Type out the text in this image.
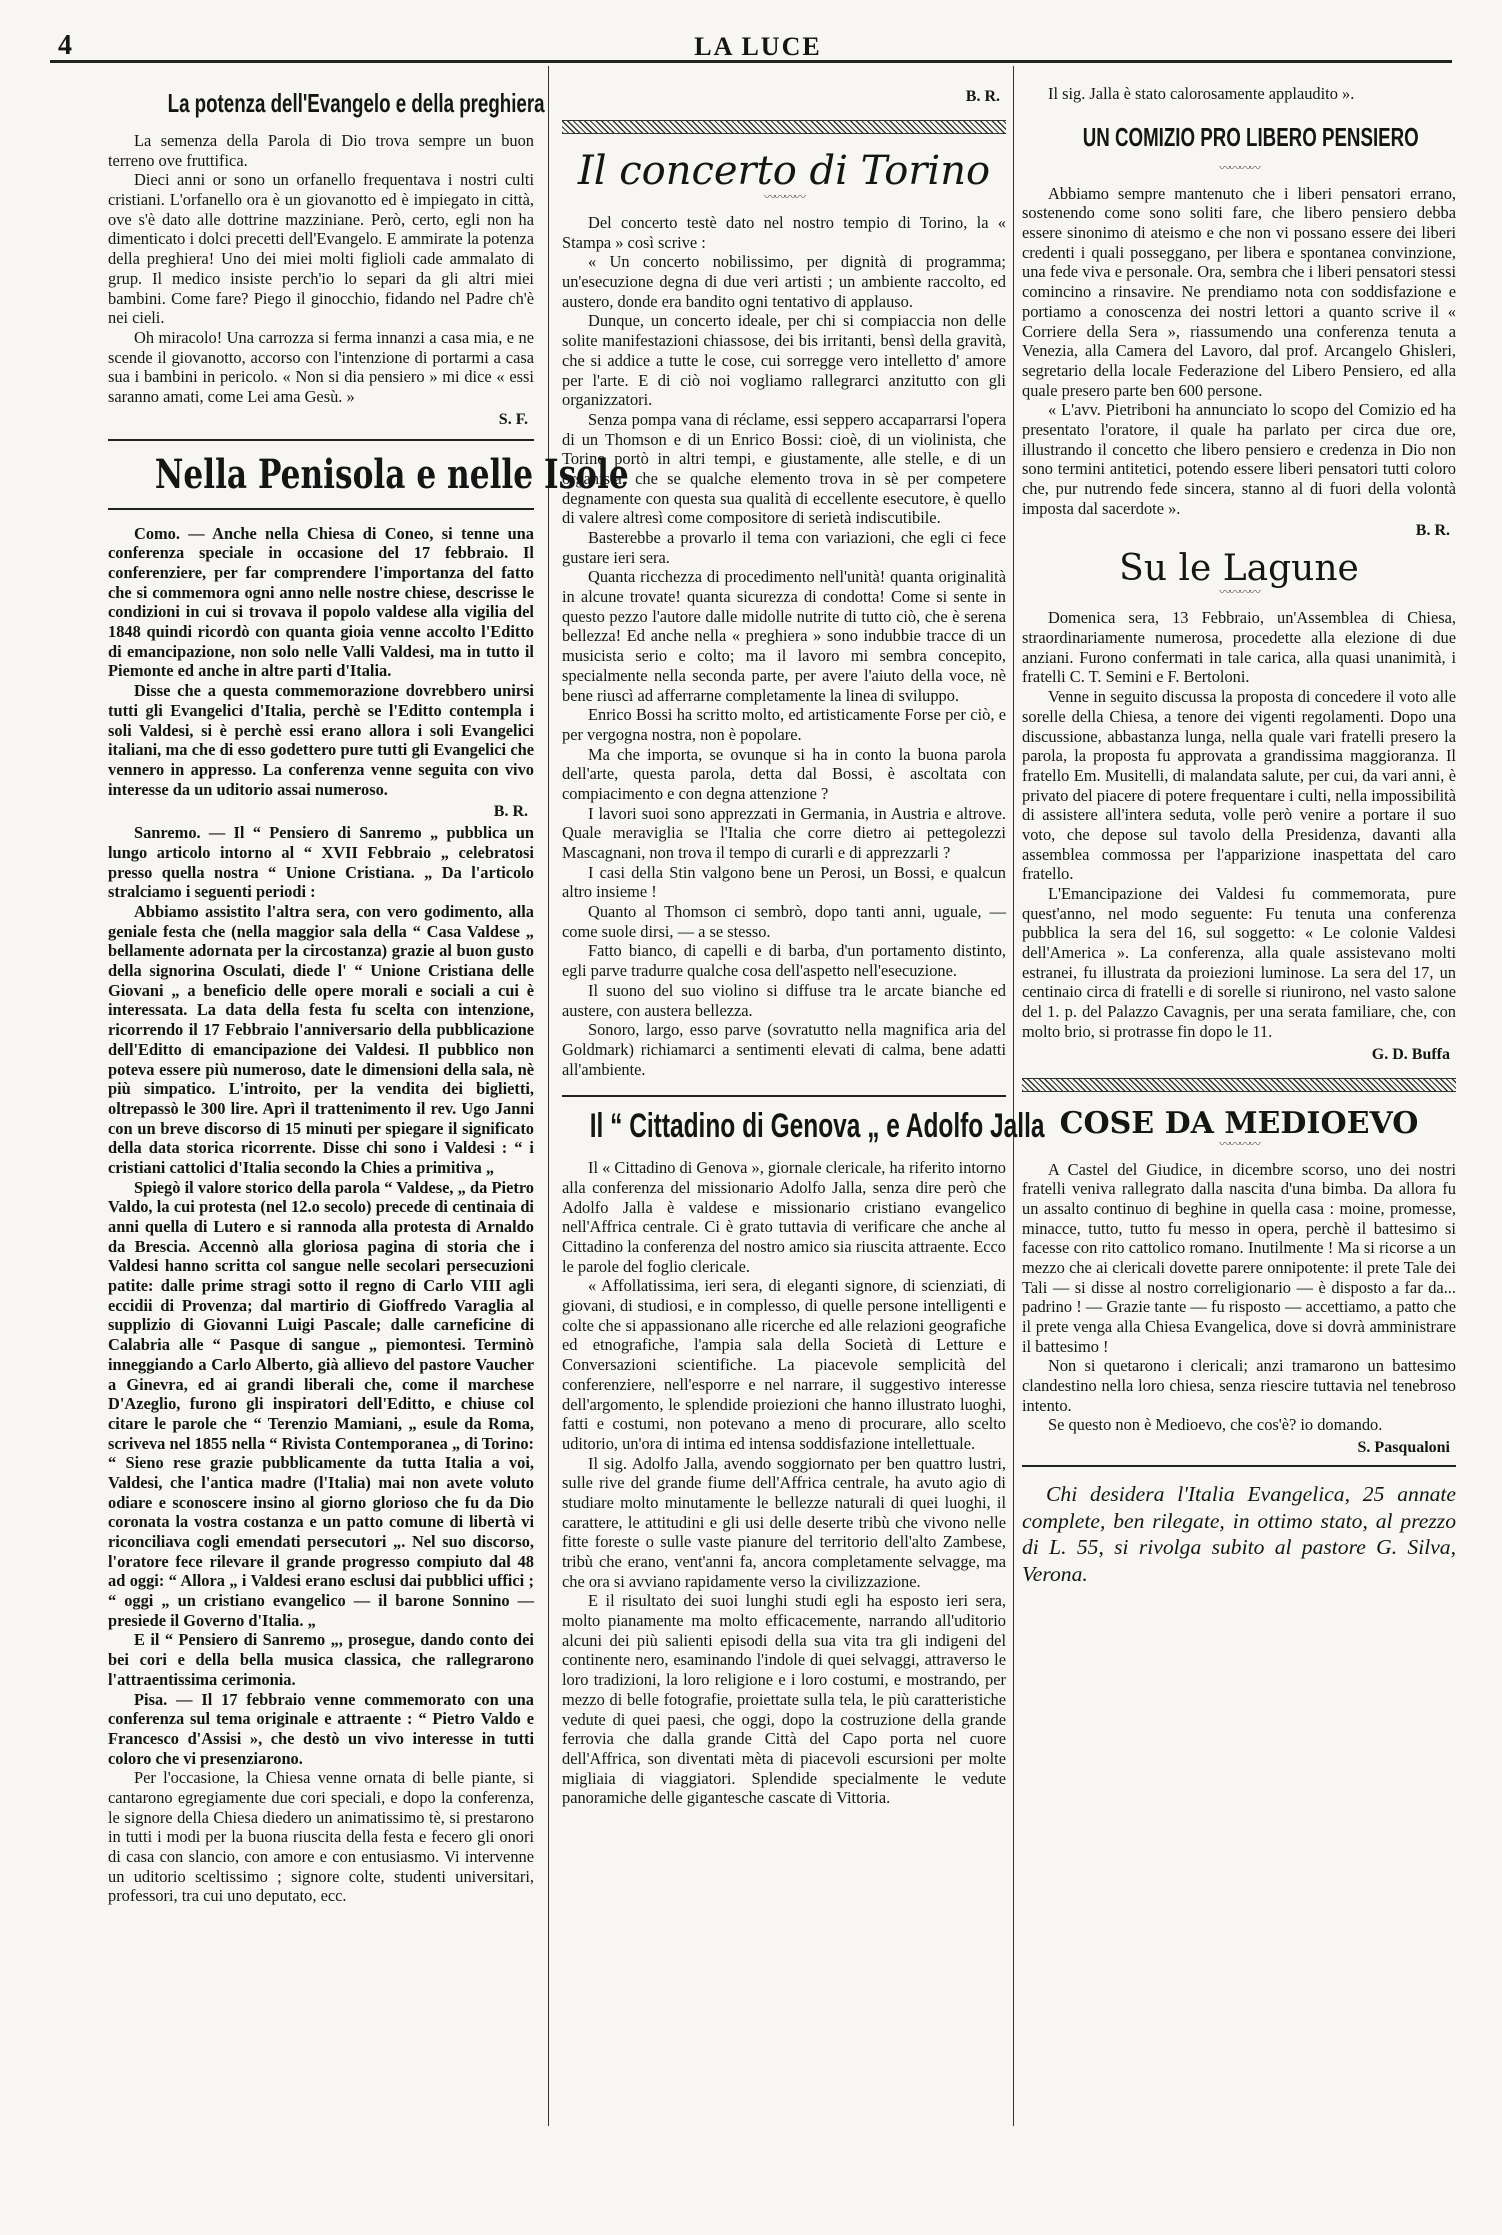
4	LA LUCE
La potenza dell'Evangelo e della preghiera

La semenza della Parola di Dio trova sempre un buon terreno ove fruttifica.

Dieci anni or sono un orfanello frequentava i nostri culti cristiani. L'orfanello ora è un giovanotto ed è impiegato in città, ove s'è dato alle dottrine mazziniane. Però, certo, egli non ha dimenticato i dolci precetti dell'Evangelo. E ammirate la potenza della preghiera! Uno dei miei molti figlioli cade ammalato di grup. Il medico insiste perch'io lo separi da gli altri miei bambini. Come fare? Piego il ginocchio, fidando nel Padre ch'è nei cieli.

Oh miracolo! Una carrozza si ferma innanzi a casa mia, e ne scende il giovanotto, accorso con l'intenzione di portarmi a casa sua i bambini in pericolo. « Non si dia pensiero » mi dice « essi saranno amati, come Lei ama Gesù. »

S. F.
Nella Penisola e nelle Isole

Como. — Anche nella Chiesa di Coneo, si tenne una conferenza speciale in occasione del 17 febbraio. Il conferenziere, per far comprendere l'importanza del fatto che si commemora ogni anno nelle nostre chiese, descrisse le condizioni in cui si trovava il popolo valdese alla vigilia del 1848 quindi ricordò con quanta gioia venne accolto l'Editto di emancipazione, non solo nelle Valli Valdesi, ma in tutto il Piemonte ed anche in altre parti d'Italia.

Disse che a questa commemorazione dovrebbero unirsi tutti gli Evangelici d'Italia, perchè se l'Editto contempla i soli Valdesi, si è perchè essi erano allora i soli Evangelici italiani, ma che di esso godettero pure tutti gli Evangelici che vennero in appresso. La conferenza venne seguita con vivo interesse da un uditorio assai numeroso.

B. R.

Sanremo. — Il “ Pensiero di Sanremo „ pubblica un lungo articolo intorno al “ XVII Febbraio „ celebratosi presso quella nostra “ Unione Cristiana. „ Da l'articolo stralciamo i seguenti periodi :

Abbiamo assistito l'altra sera, con vero godimento, alla geniale festa che (nella maggior sala della “ Casa Valdese „ bellamente adornata per la circostanza) grazie al buon gusto della signorina Osculati, diede l' “ Unione Cristiana delle Giovani „ a beneficio delle opere morali e sociali a cui è interessata. La data della festa fu scelta con intenzione, ricorrendo il 17 Febbraio l'anniversario della pubblicazione dell'Editto di emancipazione dei Valdesi. Il pubblico non poteva essere più numeroso, date le dimensioni della sala, nè più simpatico. L'introito, per la vendita dei biglietti, oltrepassò le 300 lire. Aprì il trattenimento il rev. Ugo Janni con un breve discorso di 15 minuti per spiegare il significato della data storica ricorrente. Disse chi sono i Valdesi : “ i cristiani cattolici d'Italia secondo la Chies a primitiva „

Spiegò il valore storico della parola “ Valdese, „ da Pietro Valdo, la cui protesta (nel 12.o secolo) precede di centinaia di anni quella di Lutero e si rannoda alla protesta di Arnaldo da Brescia. Accennò alla gloriosa pagina di storia che i Valdesi hanno scritta col sangue nelle secolari persecuzioni patite: dalle prime stragi sotto il regno di Carlo VIII agli eccidii di Provenza; dal martirio di Gioffredo Varaglia al supplizio di Giovanni Luigi Pascale; dalle carneficine di Calabria alle “ Pasque di sangue „ piemontesi. Terminò inneggiando a Carlo Alberto, già allievo del pastore Vaucher a Ginevra, ed ai grandi liberali che, come il marchese D'Azeglio, furono gli inspiratori dell'Editto, e chiuse col citare le parole che “ Terenzio Mamiani, „ esule da Roma, scriveva nel 1855 nella “ Rivista Contemporanea „ di Torino: “ Sieno rese grazie pubblicamente da tutta Italia a voi, Valdesi, che l'antica madre (l'Italia) mai non avete voluto odiare e sconoscere insino al giorno glorioso che fu da Dio coronata la vostra costanza e un patto comune di libertà vi riconciliava cogli emendati persecutori „. Nel suo discorso, l'oratore fece rilevare il grande progresso compiuto dal 48 ad oggi: “ Allora „ i Valdesi erano esclusi dai pubblici uffici ; “ oggi „ un cristiano evangelico — il barone Sonnino — presiede il Governo d'Italia. „

E il “ Pensiero di Sanremo „, prosegue, dando conto dei bei cori e della bella musica classica, che rallegrarono l'attraentissima cerimonia.

Pisa. — Il 17 febbraio venne commemorato con una conferenza sul tema originale e attraente : “ Pietro Valdo e Francesco d'Assisi », che destò un vivo interesse in tutti coloro che vi presenziarono.

Per l'occasione, la Chiesa venne ornata di belle piante, si cantarono egregiamente due cori speciali, e dopo la conferenza, le signore della Chiesa diedero un animatissimo tè, si prestarono in tutti i modi per la buona riuscita della festa e fecero gli onori di casa con slancio, con amore e con entusiasmo. Vi intervenne un uditorio sceltissimo ; signore colte, studenti universitari, professori, tra cui uno deputato, ecc.

B. R.
Il concerto di Torino
〰〰〰〰

Del concerto testè dato nel nostro tempio di Torino, la « Stampa » così scrive :

« Un concerto nobilissimo, per dignità di programma; un'esecuzione degna di due veri artisti ; un ambiente raccolto, ed austero, donde era bandito ogni tentativo di applauso.

Dunque, un concerto ideale, per chi si compiaccia non delle solite manifestazioni chiassose, dei bis irritanti, bensì della gravità, che si addice a tutte le cose, cui sorregge vero intelletto d' amore per l'arte. E di ciò noi vogliamo rallegrarci anzitutto con gli organizzatori.

Senza pompa vana di réclame, essi seppero accaparrarsi l'opera di un Thomson e di un Enrico Bossi: cioè, di un violinista, che Torino portò in altri tempi, e giustamente, alle stelle, e di un organista, che se qualche elemento trova in sè per competere degnamente con questa sua qualità di eccellente esecutore, è quello di valere altresì come compositore di serietà indiscutibile.

Basterebbe a provarlo il tema con variazioni, che egli ci fece gustare ieri sera.

Quanta ricchezza di procedimento nell'unità! quanta originalità in alcune trovate! quanta sicurezza di condotta! Come si sente in questo pezzo l'autore dalle midolle nutrite di tutto ciò, che è serena bellezza! Ed anche nella « preghiera » sono indubbie tracce di un musicista serio e colto; ma il lavoro mi sembra concepito, specialmente nella seconda parte, per avere l'aiuto della voce, nè bene riuscì ad afferrarne completamente la linea di sviluppo.

Enrico Bossi ha scritto molto, ed artisticamente Forse per ciò, e per vergogna nostra, non è popolare.

Ma che importa, se ovunque si ha in conto la buona parola dell'arte, questa parola, detta dal Bossi, è ascoltata con compiacimento e con degna attenzione ?

I lavori suoi sono apprezzati in Germania, in Austria e altrove. Quale meraviglia se l'Italia che corre dietro ai pettegolezzi Mascagnani, non trova il tempo di curarli e di apprezzarli ?

I casi della Stin valgono bene un Perosi, un Bossi, e qualcun altro insieme !

Quanto al Thomson ci sembrò, dopo tanti anni, uguale, — come suole dirsi, — a se stesso.

Fatto bianco, di capelli e di barba, d'un portamento distinto, egli parve tradurre qualche cosa dell'aspetto nell'esecuzione.

Il suono del suo violino si diffuse tra le arcate bianche ed austere, con austera bellezza.

Sonoro, largo, esso parve (sovratutto nella magnifica aria del Goldmark) richiamarci a sentimenti elevati di calma, bene adatti all'ambiente.

Il “ Cittadino di Genova „ e Adolfo Jalla

Il « Cittadino di Genova », giornale clericale, ha riferito intorno alla conferenza del missionario Adolfo Jalla, senza dire però che Adolfo Jalla è valdese e missionario cristiano evangelico nell'Affrica centrale. Ci è grato tuttavia di verificare che anche al Cittadino la conferenza del nostro amico sia riuscita attraente. Ecco le parole del foglio clericale.

« Affollatissima, ieri sera, di eleganti signore, di scienziati, di giovani, di studiosi, e in complesso, di quelle persone intelligenti e colte che si appassionano alle ricerche ed alle relazioni geografiche ed etnografiche, l'ampia sala della Società di Letture e Conversazioni scientifiche. La piacevole semplicità del conferenziere, nell'esporre e nel narrare, il suggestivo interesse dell'argomento, le splendide proiezioni che hanno illustrato luoghi, fatti e costumi, non potevano a meno di procurare, allo scelto uditorio, un'ora di intima ed intensa soddisfazione intellettuale.

Il sig. Adolfo Jalla, avendo soggiornato per ben quattro lustri, sulle rive del grande fiume dell'Affrica centrale, ha avuto agio di studiare molto minutamente le bellezze naturali di quei luoghi, il carattere, le attitudini e gli usi delle deserte tribù che vivono nelle fitte foreste o sulle vaste pianure del territorio dell'alto Zambese, tribù che erano, vent'anni fa, ancora completamente selvagge, ma che ora si avviano rapidamente verso la civilizzazione.

E il risultato dei suoi lunghi studi egli ha esposto ieri sera, molto pianamente ma molto efficacemente, narrando all'uditorio alcuni dei più salienti episodi della sua vita tra gli indigeni del continente nero, esaminando l'indole di quei selvaggi, attraverso le loro tradizioni, la loro religione e i loro costumi, e mostrando, per mezzo di belle fotografie, proiettate sulla tela, le più caratteristiche vedute di quei paesi, che oggi, dopo la costruzione della grande ferrovia che dalla grande Città del Capo porta nel cuore dell'Affrica, son diventati mèta di piacevoli escursioni per molte migliaia di viaggiatori. Splendide specialmente le vedute panoramiche delle gigantesche cascate di Vittoria.

Il sig. Jalla è stato calorosamente applaudito ».

UN COMIZIO PRO LIBERO PENSIERO
〰〰〰〰

Abbiamo sempre mantenuto che i liberi pensatori errano, sostenendo come sono soliti fare, che libero pensiero debba essere sinonimo di ateismo e che non vi possano essere dei liberi credenti i quali posseggano, per libera e spontanea convinzione, una fede viva e personale. Ora, sembra che i liberi pensatori stessi comincino a rinsavire. Ne prendiamo nota con soddisfazione e portiamo a conoscenza dei nostri lettori a quanto scrive il « Corriere della Sera », riassumendo una conferenza tenuta a Venezia, alla Camera del Lavoro, dal prof. Arcangelo Ghisleri, segretario della locale Federazione del Libero Pensiero, ed alla quale presero parte ben 600 persone.

« L'avv. Pietriboni ha annunciato lo scopo del Comizio ed ha presentato l'oratore, il quale ha parlato per circa due ore, illustrando il concetto che libero pensiero e credenza in Dio non sono termini antitetici, potendo essere liberi pensatori tutti coloro che, pur nutrendo fede sincera, stanno al di fuori della volontà imposta dal sacerdote ».

B. R.
Su le Lagune
〰〰〰〰

Domenica sera, 13 Febbraio, un'Assemblea di Chiesa, straordinariamente numerosa, procedette alla elezione di due anziani. Furono confermati in tale carica, alla quasi unanimità, i fratelli C. T. Semini e F. Bertoloni.

Venne in seguito discussa la proposta di concedere il voto alle sorelle della Chiesa, a tenore dei vigenti regolamenti. Dopo una discussione, abbastanza lunga, nella quale vari fratelli presero la parola, la proposta fu approvata a grandissima maggioranza. Il fratello Em. Musitelli, di malandata salute, per cui, da vari anni, è privato del piacere di potere frequentare i culti, nella impossibilità di assistere all'intera seduta, volle però venire a portare il suo voto, che depose sul tavolo della Presidenza, davanti alla assemblea commossa per l'apparizione inaspettata del caro fratello.

L'Emancipazione dei Valdesi fu commemorata, pure quest'anno, nel modo seguente: Fu tenuta una conferenza pubblica la sera del 16, sul soggetto: « Le colonie Valdesi dell'America ». La conferenza, alla quale assistevano molti estranei, fu illustrata da proiezioni luminose. La sera del 17, un centinaio circa di fratelli e di sorelle si riunirono, nel vasto salone del 1. p. del Palazzo Cavagnis, per una serata familiare, che, con molto brio, si protrasse fin dopo le 11.

G. D. Buffa
COSE DA MEDIOEVO
〰〰〰〰

A Castel del Giudice, in dicembre scorso, uno dei nostri fratelli veniva rallegrato dalla nascita d'una bimba. Da allora fu un assalto continuo di beghine in quella casa : moine, promesse, minacce, tutto, tutto fu messo in opera, perchè il battesimo si facesse con rito cattolico romano. Inutilmente ! Ma si ricorse a un mezzo che ai clericali dovette parere onnipotente: il prete Tale dei Tali — si disse al nostro correligionario — è disposto a far da... padrino ! — Grazie tante — fu risposto — accettiamo, a patto che il prete venga alla Chiesa Evangelica, dove si dovrà amministrare il battesimo !

Non si quetarono i clericali; anzi tramarono un battesimo clandestino nella loro chiesa, senza riescire tuttavia nel tenebroso intento.

Se questo non è Medioevo, che cos'è? io domando.

S. Pasqualoni

Chi desidera l'Italia Evangelica, 25 annate complete, ben rilegate, in ottimo stato, al prezzo di L. 55, si rivolga subito al pastore G. Silva, Verona.
